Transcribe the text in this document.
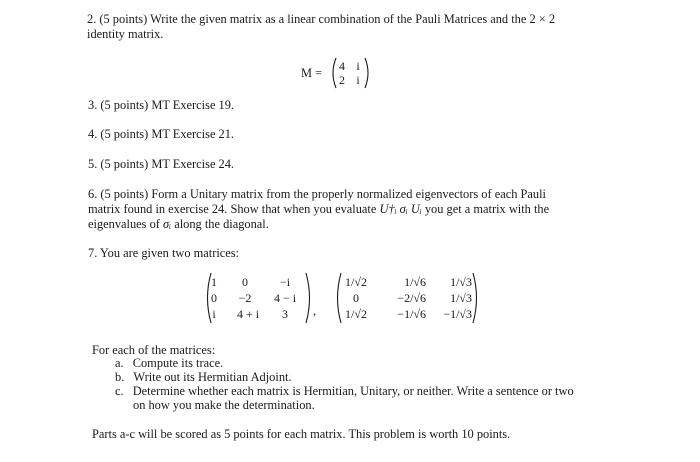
2. (5 points) Write the given matrix as a linear combination of the Pauli Matrices and the 2 × 2
identity matrix.
M = 4 i
2 i
3. (5 points) MT Exercise 19.
4. (5 points) MT Exercise 21.
5. (5 points) MT Exercise 24.
6. (5 points) Form a Unitary matrix from the properly normalized eigenvectors of each Pauli
matrix found in exercise 24. Show that when you evaluate U†ᵢ σᵢ Uᵢ you get a matrix with the
eigenvalues of σᵢ along the diagonal.
7. You are given two matrices:
1	0	−i
0	−2	4 − i
i	4 + i	3	,
1/√2	1/√6	1/√3
0	−2/√6	1/√3
1/√2	−1/√6	−1/√3
For each of the matrices:
a. Compute its trace.
b. Write out its Hermitian Adjoint.
c. Determine whether each matrix is Hermitian, Unitary, or neither. Write a sentence or two
on how you make the determination.
Parts a-c will be scored as 5 points for each matrix. This problem is worth 10 points.
